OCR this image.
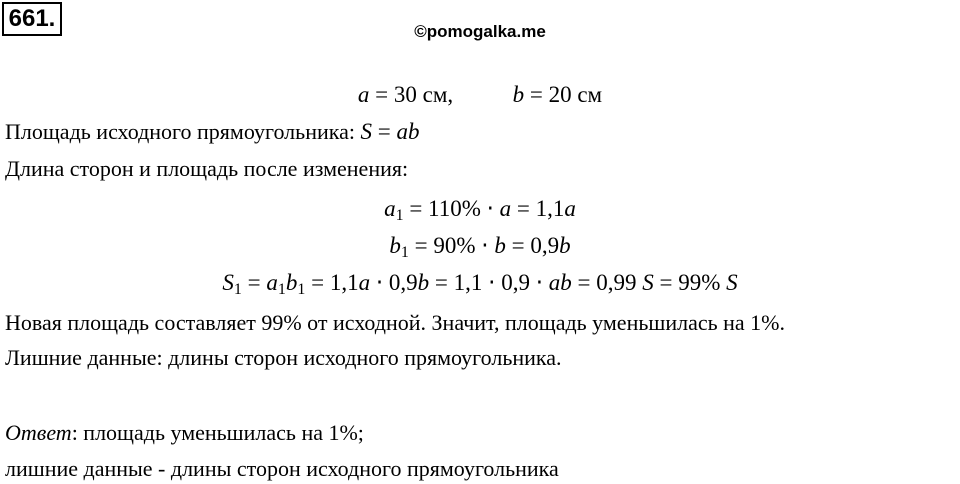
661.	©pomogalka.me
a = 30 см,	b = 20 см
Площадь исходного прямоугольника: S = ab
Длина сторон и площадь после изменения:
$a_1 = 110\% \cdot a = 1,1a$
$b_1 = 90\% \cdot b = 0,9b$
$S_1 = a_1b_1 = 1,1a \cdot 0,9b = 1,1 \cdot 0,9$ ⋅ ab = 0,99 S = 99% S
Новая площадь составляет 99% от исходной. Значит, площадь уменьшилась на 1%.
Лишние данные: длины сторон исходного прямоугольника.
Ответ: площадь уменьшилась на 1%;
лишние данные - длины сторон исходного прямоугольника
